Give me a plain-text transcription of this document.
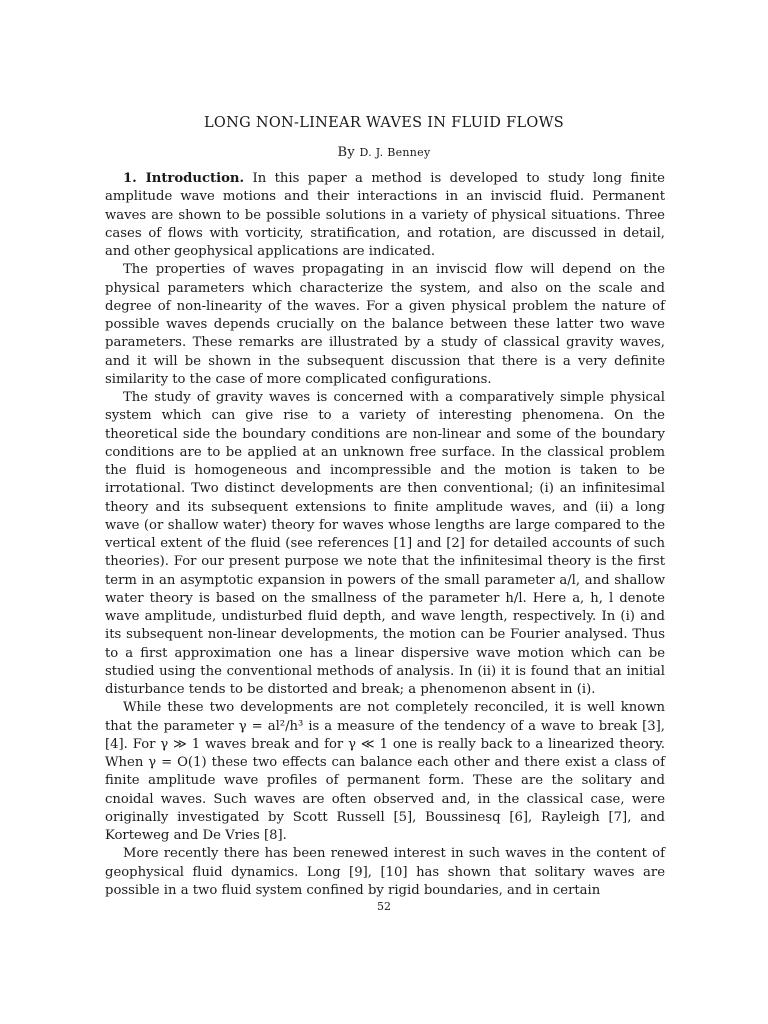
LONG NON-LINEAR WAVES IN FLUID FLOWS
By D. J. Benney

1. Introduction. In this paper a method is developed to study long finite amplitude wave motions and their interactions in an inviscid fluid. Permanent waves are shown to be possible solutions in a variety of physical situations. Three cases of flows with vorticity, stratification, and rotation, are discussed in detail, and other geophysical applications are indicated.

The properties of waves propagating in an inviscid flow will depend on the physical parameters which characterize the system, and also on the scale and degree of non-linearity of the waves. For a given physical problem the nature of possible waves depends crucially on the balance between these latter two wave parameters. These remarks are illustrated by a study of classical gravity waves, and it will be shown in the subsequent discussion that there is a very definite similarity to the case of more complicated configurations.

The study of gravity waves is concerned with a comparatively simple physical system which can give rise to a variety of interesting phenomena. On the theoretical side the boundary conditions are non-linear and some of the boundary conditions are to be applied at an unknown free surface. In the classical problem the fluid is homogeneous and incompressible and the motion is taken to be irrotational. Two distinct developments are then conventional; (i) an infinitesimal theory and its subsequent extensions to finite amplitude waves, and (ii) a long wave (or shallow water) theory for waves whose lengths are large compared to the vertical extent of the fluid (see references [1] and [2] for detailed accounts of such theories). For our present purpose we note that the infinitesimal theory is the first term in an asymptotic expansion in powers of the small parameter a/l, and shallow water theory is based on the smallness of the parameter h/l. Here a, h, l denote wave amplitude, undisturbed fluid depth, and wave length, respectively. In (i) and its subsequent non-linear developments, the motion can be Fourier analysed. Thus to a first approximation one has a linear dispersive wave motion which can be studied using the conventional methods of analysis. In (ii) it is found that an initial disturbance tends to be distorted and break; a phenomenon absent in (i).

While these two developments are not completely reconciled, it is well known that the parameter γ = al²/h³ is a measure of the tendency of a wave to break [3], [4]. For γ ≫ 1 waves break and for γ ≪ 1 one is really back to a linearized theory. When γ = O(1) these two effects can balance each other and there exist a class of finite amplitude wave profiles of permanent form. These are the solitary and cnoidal waves. Such waves are often observed and, in the classical case, were originally investigated by Scott Russell [5], Boussinesq [6], Rayleigh [7], and Korteweg and De Vries [8].

More recently there has been renewed interest in such waves in the content of geophysical fluid dynamics. Long [9], [10] has shown that solitary waves are possible in a two fluid system confined by rigid boundaries, and in certain

52
